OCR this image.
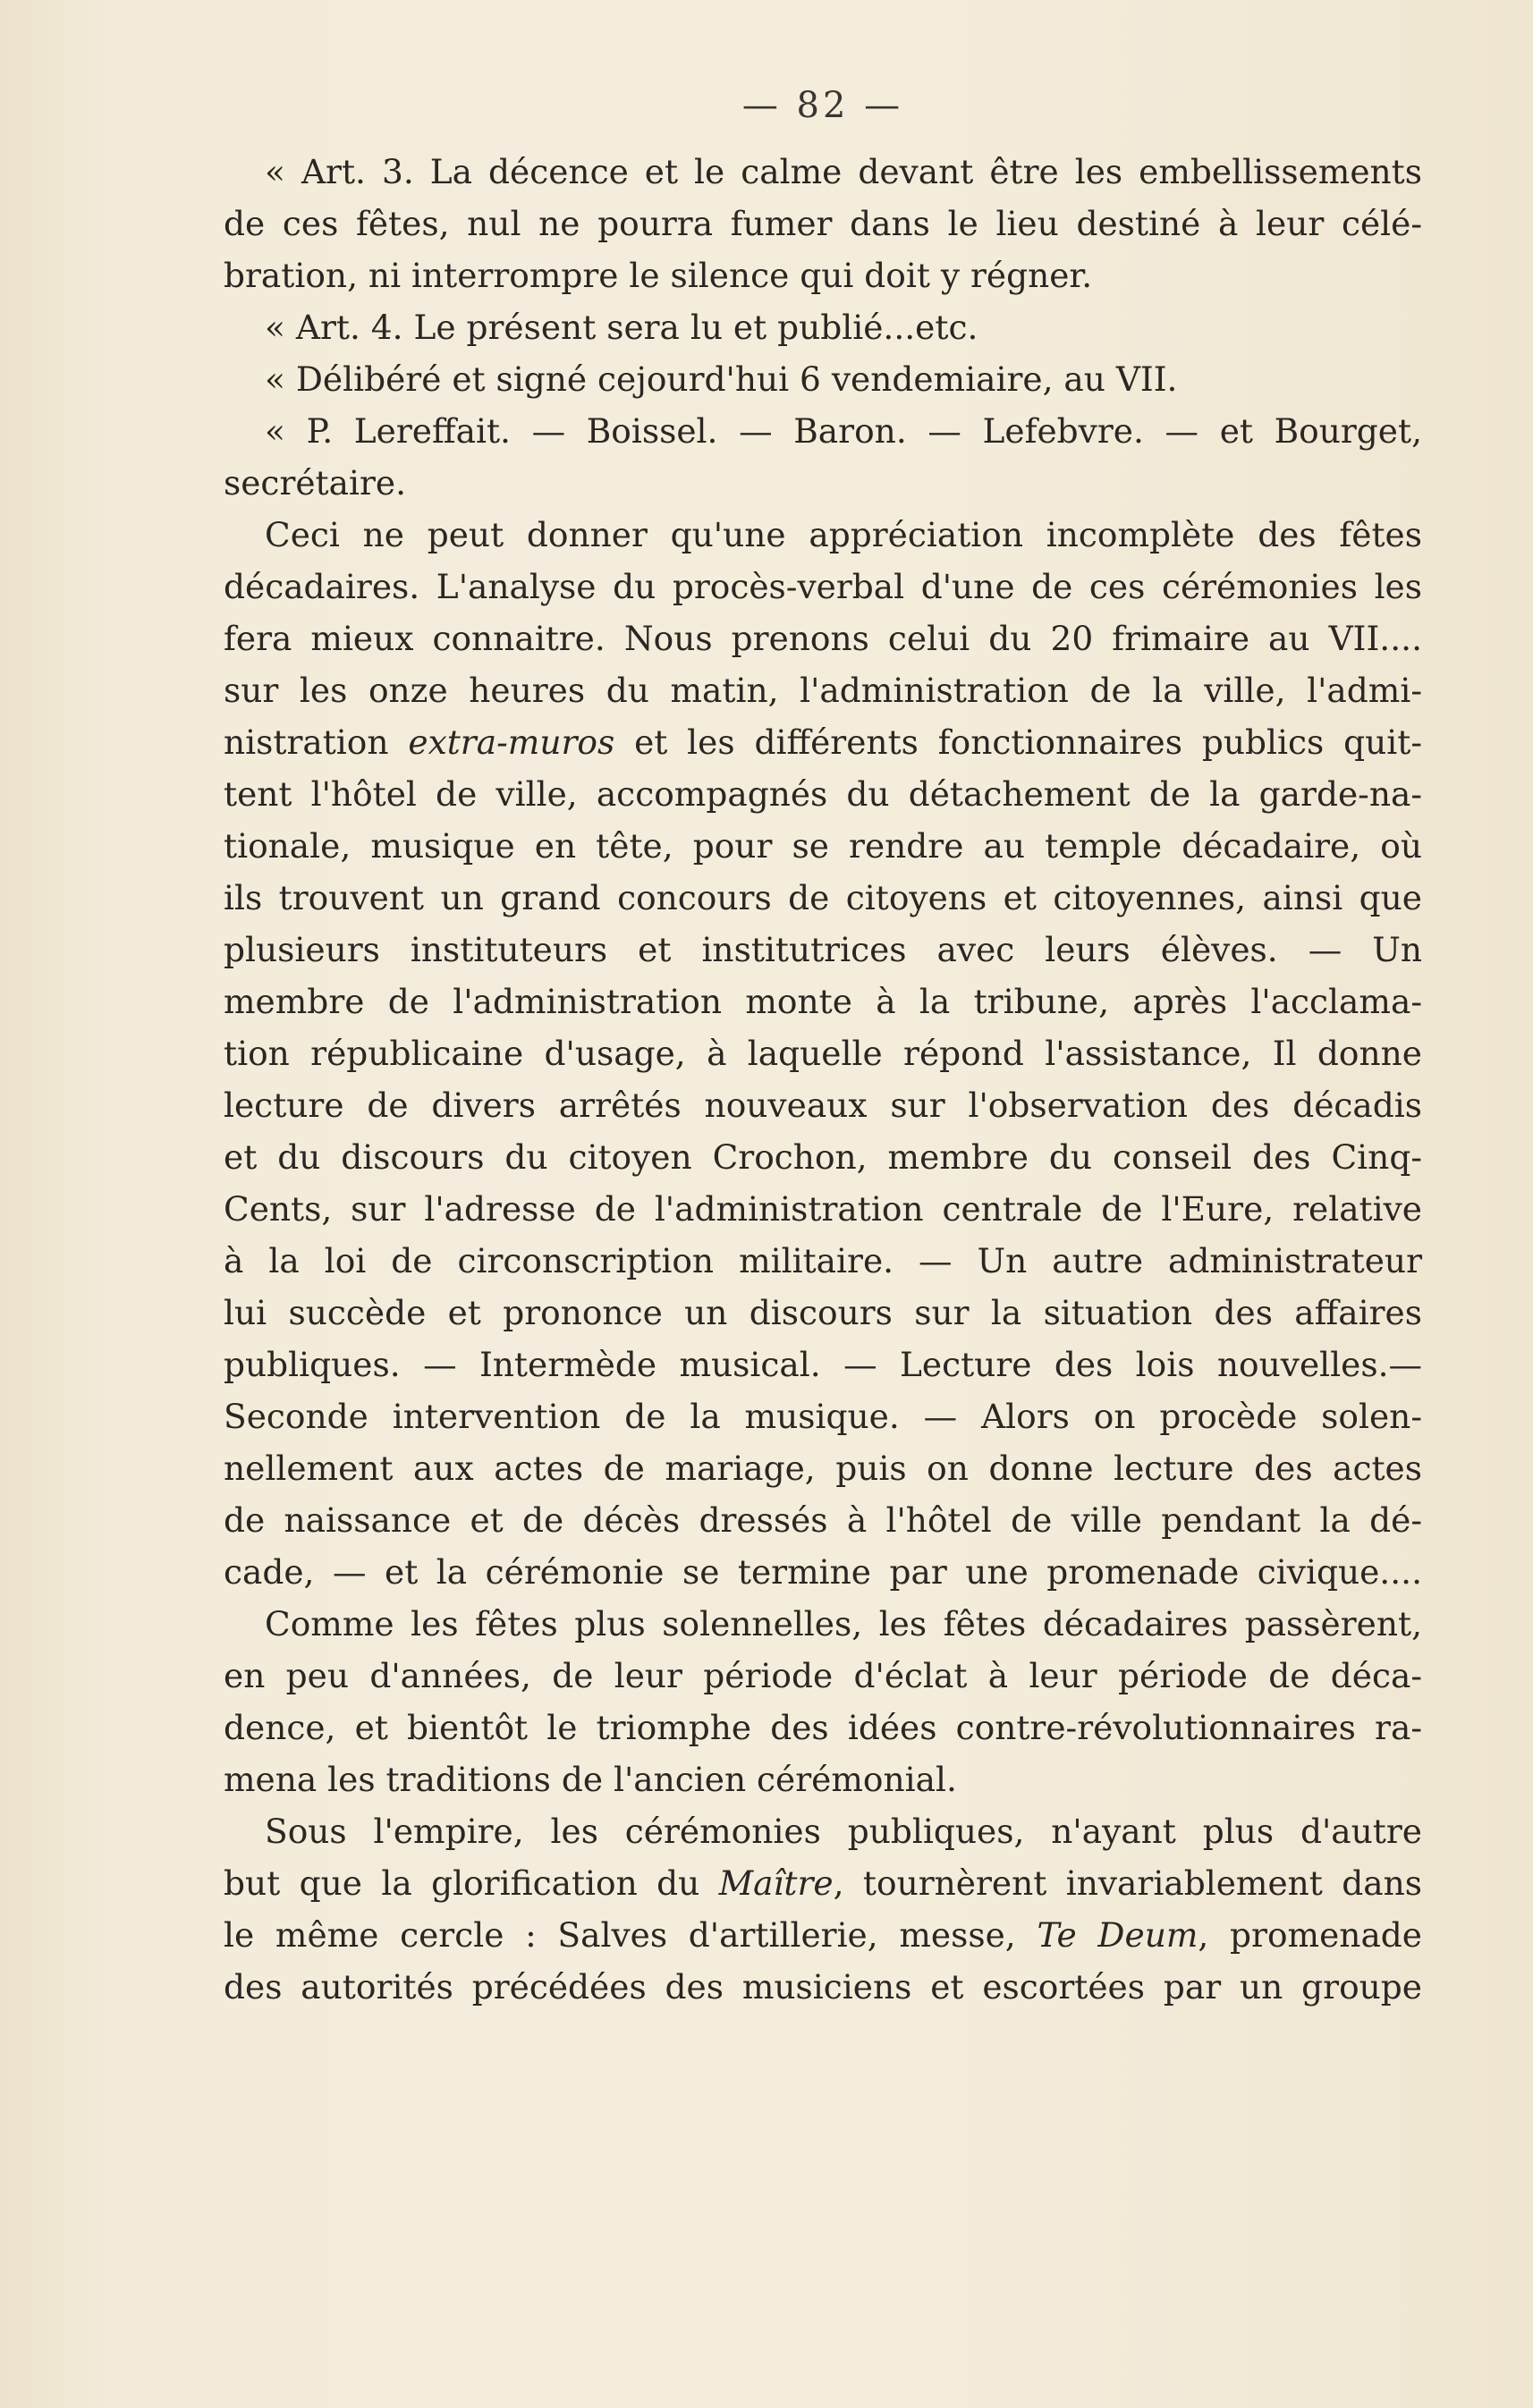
— 82 —
« Art. 3. La décence et le calme devant être les embellissements
de ces fêtes, nul ne pourra fumer dans le lieu destiné à leur célé-
bration, ni interrompre le silence qui doit y régner.
« Art. 4. Le présent sera lu et publié...etc.
« Délibéré et signé cejourd'hui 6 vendemiaire, au VII.
« P. Lereffait. — Boissel. — Baron. — Lefebvre. — et Bourget,
secrétaire.
Ceci ne peut donner qu'une appréciation incomplète des fêtes
décadaires. L'analyse du procès-verbal d'une de ces cérémonies les
fera mieux connaitre. Nous prenons celui du 20 frimaire au VII....
sur les onze heures du matin, l'administration de la ville, l'admi-
nistration extra-muros et les différents fonctionnaires publics quit-
tent l'hôtel de ville, accompagnés du détachement de la garde-na-
tionale, musique en tête, pour se rendre au temple décadaire, où
ils trouvent un grand concours de citoyens et citoyennes, ainsi que
plusieurs instituteurs et institutrices avec leurs élèves. — Un
membre de l'administration monte à la tribune, après l'acclama-
tion républicaine d'usage, à laquelle répond l'assistance, Il donne
lecture de divers arrêtés nouveaux sur l'observation des décadis
et du discours du citoyen Crochon, membre du conseil des Cinq-
Cents, sur l'adresse de l'administration centrale de l'Eure, relative
à la loi de circonscription militaire. — Un autre administrateur
lui succède et prononce un discours sur la situation des affaires
publiques. — Intermède musical. — Lecture des lois nouvelles.—
Seconde intervention de la musique. — Alors on procède solen-
nellement aux actes de mariage, puis on donne lecture des actes
de naissance et de décès dressés à l'hôtel de ville pendant la dé-
cade, — et la cérémonie se termine par une promenade civique....
Comme les fêtes plus solennelles, les fêtes décadaires passèrent,
en peu d'années, de leur période d'éclat à leur période de déca-
dence, et bientôt le triomphe des idées contre-révolutionnaires ra-
mena les traditions de l'ancien cérémonial.
Sous l'empire, les cérémonies publiques, n'ayant plus d'autre
but que la glorification du Maître, tournèrent invariablement dans
le même cercle : Salves d'artillerie, messe, Te Deum, promenade
des autorités précédées des musiciens et escortées par un groupe
